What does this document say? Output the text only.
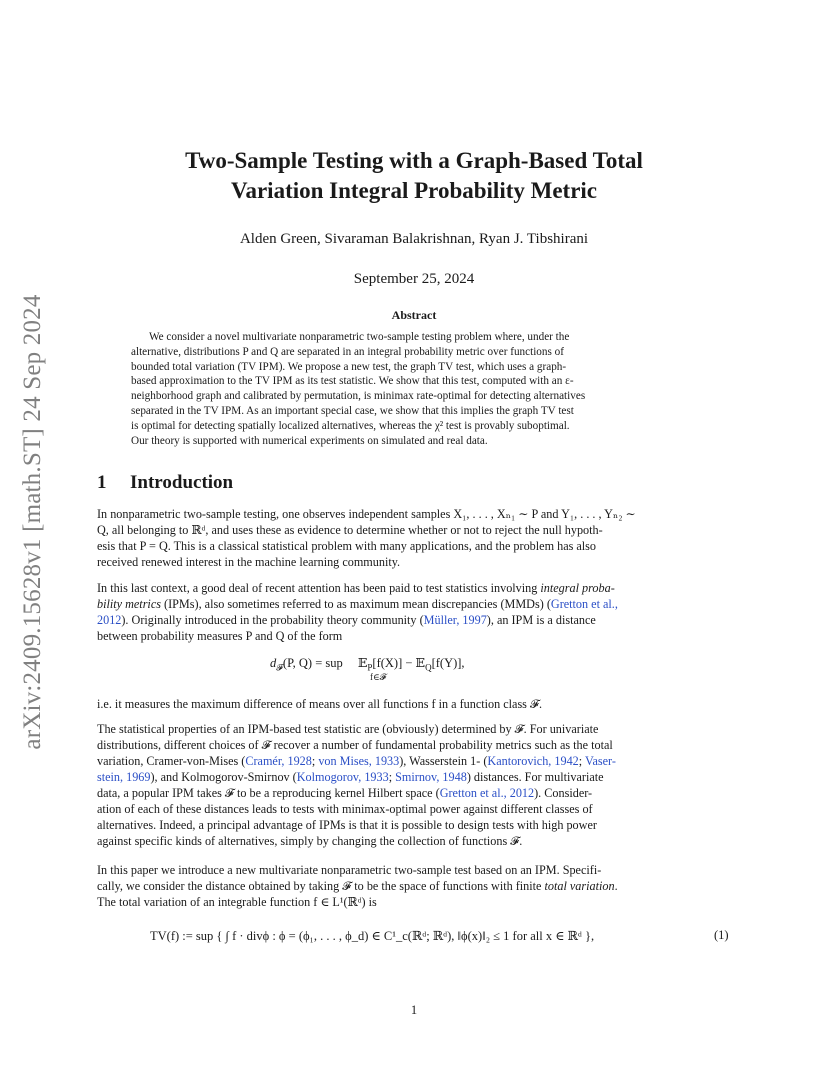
arXiv:2409.15628v1 [math.ST] 24 Sep 2024
Two-Sample Testing with a Graph-Based Total
Variation Integral Probability Metric
Alden Green, Sivaraman Balakrishnan, Ryan J. Tibshirani
September 25, 2024
Abstract
We consider a novel multivariate nonparametric two-sample testing problem where, under the
alternative, distributions P and Q are separated in an integral probability metric over functions of
bounded total variation (TV IPM). We propose a new test, the graph TV test, which uses a graph-
based approximation to the TV IPM as its test statistic. We show that this test, computed with an ε-
neighborhood graph and calibrated by permutation, is minimax rate-optimal for detecting alternatives
separated in the TV IPM. As an important special case, we show that this implies the graph TV test
is optimal for detecting spatially localized alternatives, whereas the χ² test is provably suboptimal.
Our theory is supported with numerical experiments on simulated and real data.
1 Introduction
In nonparametric two-sample testing, one observes independent samples X₁, . . . , Xₙ₁ ∼ P and Y₁, . . . , Yₙ₂ ∼
Q, all belonging to ℝᵈ, and uses these as evidence to determine whether or not to reject the null hypoth-
esis that P = Q. This is a classical statistical problem with many applications, and the problem has also
received renewed interest in the machine learning community.
In this last context, a good deal of recent attention has been paid to test statistics involving integral proba-
bility metrics (IPMs), also sometimes referred to as maximum mean discrepancies (MMDs) (Gretton et al.,
2012). Originally introduced in the probability theory community (Müller, 1997), an IPM is a distance
between probability measures P and Q of the form
$d_𝓕(P$, Q) = sup 𝔼$_P$[f(X)] − 𝔼$_Q$[f(Y)],
f∈𝓕
i.e. it measures the maximum difference of means over all functions f in a function class 𝓕.
The statistical properties of an IPM-based test statistic are (obviously) determined by 𝓕. For univariate
distributions, different choices of 𝓕 recover a number of fundamental probability metrics such as the total
variation, Cramer-von-Mises (Cramér, 1928; von Mises, 1933), Wasserstein 1- (Kantorovich, 1942; Vaser-
stein, 1969), and Kolmogorov-Smirnov (Kolmogorov, 1933; Smirnov, 1948) distances. For multivariate
data, a popular IPM takes 𝓕 to be a reproducing kernel Hilbert space (Gretton et al., 2012). Consider-
ation of each of these distances leads to tests with minimax-optimal power against different classes of
alternatives. Indeed, a principal advantage of IPMs is that it is possible to design tests with high power
against specific kinds of alternatives, simply by changing the collection of functions 𝓕.
In this paper we introduce a new multivariate nonparametric two-sample test based on an IPM. Specifi-
cally, we consider the distance obtained by taking 𝓕 to be the space of functions with finite total variation.
The total variation of an integrable function f ∈ L¹(ℝᵈ) is
TV(f) := sup { ∫ f · divϕ : ϕ = (ϕ₁, . . . , ϕ_d) ∈ C¹_c(ℝᵈ; ℝᵈ), ‖ϕ(x)‖₂ ≤ 1 for all x ∈ ℝᵈ },	(1)
1
